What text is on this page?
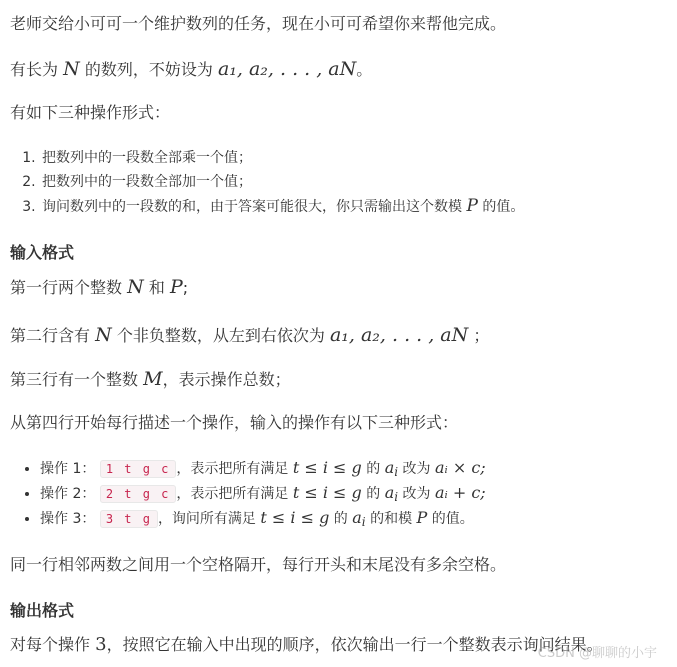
老师交给小可可一个维护数列的任务，现在小可可希望你来帮他完成。

有长为 N 的数列，不妨设为 a₁, a₂, . . . , aN。

有如下三种操作形式：

1. 把数列中的一段数全部乘一个值；
2. 把数列中的一段数全部加一个值；
3. 询问数列中的一段数的和，由于答案可能很大，你只需输出这个数模 P 的值。
输入格式

第一行两个整数 N 和 P;

第二行含有 N 个非负整数，从左到右依次为 a₁, a₂, . . . , aN ；

第三行有一个整数 M，表示操作总数；

从第四行开始每行描述一个操作，输入的操作有以下三种形式：

• 操作 1： 1 t g c ，表示把所有满足 t ≤ i ≤ g 的 $a_i$ 改为 aᵢ × c;
• 操作 2： 2 t g c ，表示把所有满足 t ≤ i ≤ g 的 $a_i$ 改为 aᵢ + c;
• 操作 3： 3 t g ，询问所有满足 t ≤ i ≤ g 的 $a_i$ 的和模 P 的值。

同一行相邻两数之间用一个空格隔开，每行开头和末尾没有多余空格。

输出格式

对每个操作 3，按照它在输入中出现的顺序，依次输出一行一个整数表示询问结果。

CSDN @聊聊的小宇
